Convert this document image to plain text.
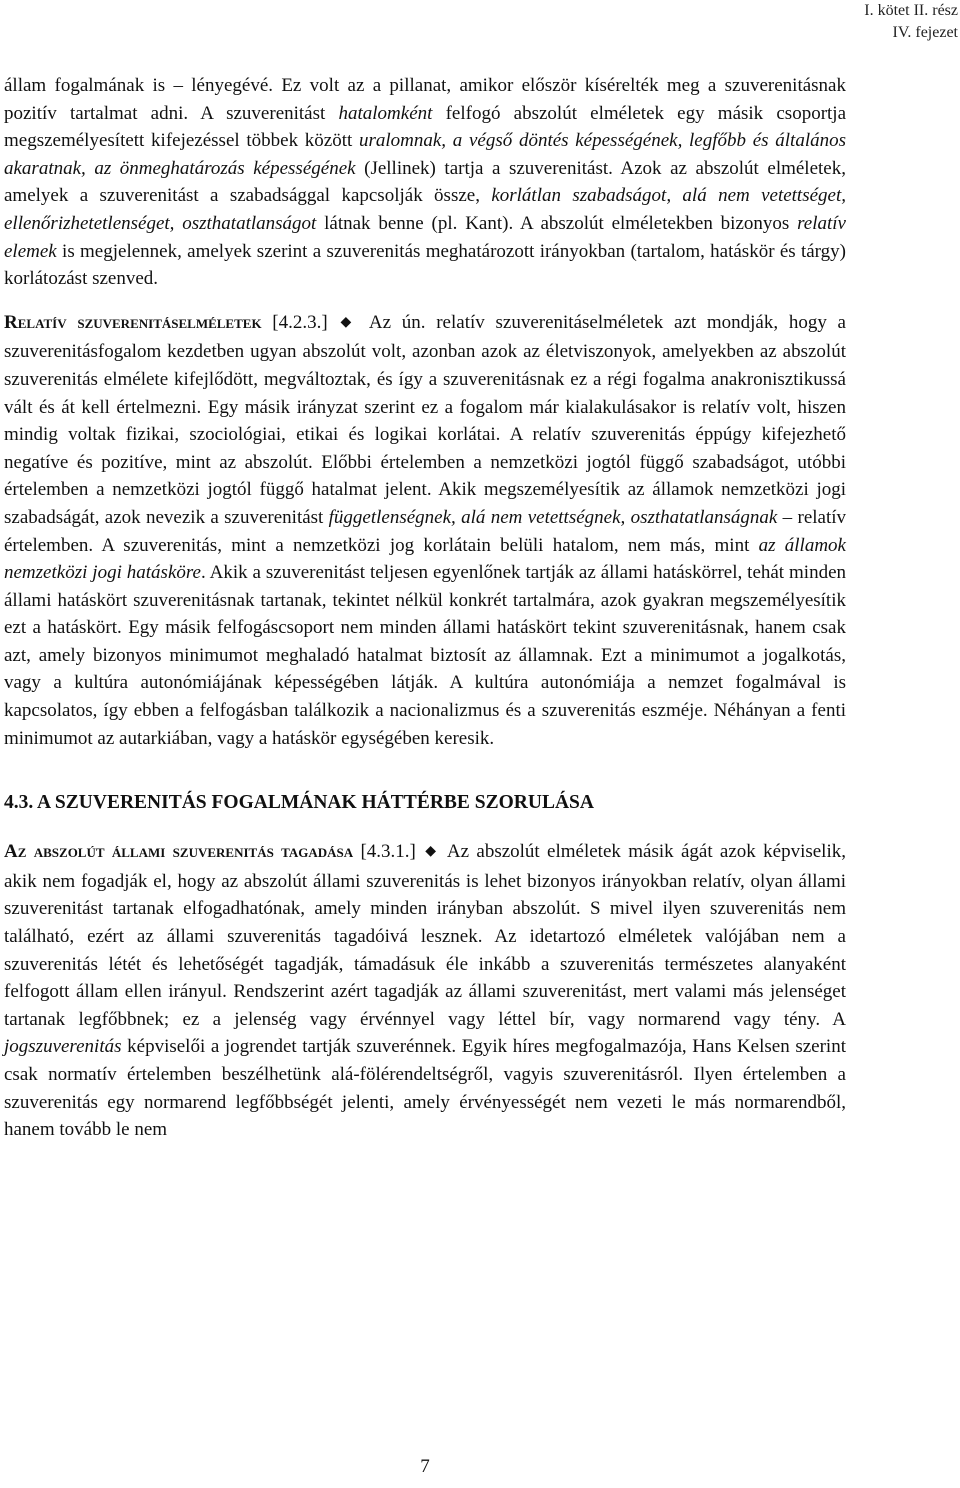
I. kötet II. rész
IV. fejezet

állam fogalmának is – lényegévé. Ez volt az a pillanat, amikor először kísérelték meg a szuverenitásnak pozitív tartalmat adni. A szuverenitást hatalomként felfogó abszolút elméletek egy másik csoportja megszemélyesített kifejezéssel többek között uralomnak, a végső döntés képességének, legfőbb és általános akaratnak, az önmeghatározás képességének (Jellinek) tartja a szuverenitást. Azok az abszolút elméletek, amelyek a szuverenitást a szabadsággal kapcsolják össze, korlátlan szabadságot, alá nem vetettséget, ellenőrizhetetlenséget, oszthatatlanságot látnak benne (pl. Kant). A abszolút elméletekben bizonyos relatív elemek is megjelennek, amelyek szerint a szuverenitás meghatározott irányokban (tartalom, hatáskör és tárgy) korlátozást szenved.

Relatív szuverenitáselméletek [4.2.3.] ◆ Az ún. relatív szuverenitáselméletek azt mondják, hogy a szuverenitásfogalom kezdetben ugyan abszolút volt, azonban azok az életviszonyok, amelyekben az abszolút szuverenitás elmélete kifejlődött, megváltoztak, és így a szuverenitásnak ez a régi fogalma anakronisztikussá vált és át kell értelmezni. Egy másik irányzat szerint ez a fogalom már kialakulásakor is relatív volt, hiszen mindig voltak fizikai, szociológiai, etikai és logikai korlátai. A relatív szuverenitás éppúgy kifejezhető negatíve és pozitíve, mint az abszolút. Előbbi értelemben a nemzetközi jogtól függő szabadságot, utóbbi értelemben a nemzetközi jogtól függő hatalmat jelent. Akik megszemélyesítik az államok nemzetközi jogi szabadságát, azok nevezik a szuverenitást függetlenségnek, alá nem vetettségnek, oszthatatlanságnak – relatív értelemben. A szuverenitás, mint a nemzetközi jog korlátain belüli hatalom, nem más, mint az államok nemzetközi jogi hatásköre. Akik a szuverenitást teljesen egyenlőnek tartják az állami hatáskörrel, tehát minden állami hatáskört szuverenitásnak tartanak, tekintet nélkül konkrét tartalmára, azok gyakran megszemélyesítik ezt a hatáskört. Egy másik felfogáscsoport nem minden állami hatáskört tekint szuverenitásnak, hanem csak azt, amely bizonyos minimumot meghaladó hatalmat biztosít az államnak. Ezt a minimumot a jogalkotás, vagy a kultúra autonómiájának képességében látják. A kultúra autonómiája a nemzet fogalmával is kapcsolatos, így ebben a felfogásban találkozik a nacionalizmus és a szuverenitás eszméje. Néhányan a fenti minimumot az autarkiában, vagy a hatáskör egységében keresik.

4.3. A SZUVERENITÁS FOGALMÁNAK HÁTTÉRBE SZORULÁSA

Az abszolút állami szuverenitás tagadása [4.3.1.] ◆ Az abszolút elméletek másik ágát azok képviselik, akik nem fogadják el, hogy az abszolút állami szuverenitás is lehet bizonyos irányokban relatív, olyan állami szuverenitást tartanak elfogadhatónak, amely minden irányban abszolút. S mivel ilyen szuverenitás nem található, ezért az állami szuverenitás tagadóivá lesznek. Az idetartozó elméletek valójában nem a szuverenitás létét és lehetőségét tagadják, támadásuk éle inkább a szuverenitás természetes alanyaként felfogott állam ellen irányul. Rendszerint azért tagadják az állami szuverenitást, mert valami más jelenséget tartanak legfőbbnek; ez a jelenség vagy érvénnyel vagy léttel bír, vagy normarend vagy tény. A jogszuverenitás képviselői a jogrendet tartják szuverénnek. Egyik híres megfogalmazója, Hans Kelsen szerint csak normatív értelemben beszélhetünk alá-fölérendeltségről, vagyis szuverenitásról. Ilyen értelemben a szuverenitás egy normarend legfőbbségét jelenti, amely érvényességét nem vezeti le más normarendből, hanem tovább le nem

7
